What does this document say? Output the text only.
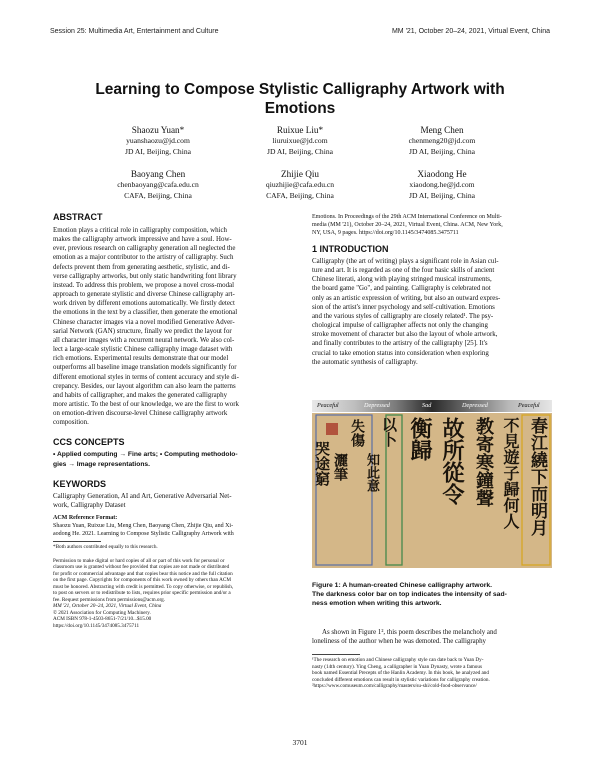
Session 25: Multimedia Art, Entertainment and Culture	MM '21, October 20–24, 2021, Virtual Event, China
Learning to Compose Stylistic Calligraphy Artwork with Emotions
Shaozu Yuan*
yuanshaozu@jd.com
JD AI, Beijing, China
Ruixue Liu*
liuruixue@jd.com
JD AI, Beijing, China
Meng Chen
chenmeng20@jd.com
JD AI, Beijing, China
Baoyang Chen
chenbaoyang@cafa.edu.cn
CAFA, Beijing, China
Zhijie Qiu
qiuzhijie@cafa.edu.cn
CAFA, Beijing, China
Xiaodong He
xiaodong.he@jd.com
JD AI, Beijing, China
ABSTRACT
Emotion plays a critical role in calligraphy composition, which
makes the calligraphy artwork impressive and have a soul. How-
ever, previous research on calligraphy generation all neglected the
emotion as a major contributor to the artistry of calligraphy. Such
defects prevent them from generating aesthetic, stylistic, and di-
verse calligraphy artworks, but only static handwriting font library
instead. To address this problem, we propose a novel cross-modal
approach to generate stylistic and diverse Chinese calligraphy art-
work driven by different emotions automatically. We firstly detect
the emotions in the text by a classifier, then generate the emotional
Chinese character images via a novel modified Generative Adver-
sarial Network (GAN) structure, finally we predict the layout for
all character images with a recurrent neural network. We also col-
lect a large-scale stylistic Chinese calligraphy image dataset with
rich emotions. Experimental results demonstrate that our model
outperforms all baseline image translation models significantly for
different emotional styles in terms of content accuracy and style di-
crepancy. Besides, our layout algorithm can also learn the patterns
and habits of calligrapher, and makes the generated calligraphy
more artistic. To the best of our knowledge, we are the first to work
on emotion-driven discourse-level Chinese calligraphy artwork
composition.
CCS CONCEPTS
• Applied computing → Fine arts; • Computing methodolo-
gies → Image representations.
KEYWORDS
Calligraphy Generation, AI and Art, Generative Adversarial Net-
work, Calligraphy Dataset
ACM Reference Format:
Shaozu Yuan, Ruixue Liu, Meng Chen, Baoyang Chen, Zhijie Qiu, and Xi-
aodong He. 2021. Learning to Compose Stylistic Calligraphy Artwork with
*Both authors contributed equally to this research.
Permission to make digital or hard copies of all or part of this work for personal or
classroom use is granted without fee provided that copies are not made or distributed
for profit or commercial advantage and that copies bear this notice and the full citation
on the first page. Copyrights for components of this work owned by others than ACM
must be honored. Abstracting with credit is permitted. To copy otherwise, or republish,
to post on servers or to redistribute to lists, requires prior specific permission and/or a
fee. Request permissions from permissions@acm.org.
MM '21, October 20–24, 2021, Virtual Event, China
© 2021 Association for Computing Machinery.
ACM ISBN 978-1-4503-8651-7/21/10...$15.00
https://doi.org/10.1145/3474085.3475711
Emotions. In Proceedings of the 29th ACM International Conference on Multi-
media (MM '21), October 20–24, 2021, Virtual Event, China. ACM, New York,
NY, USA, 9 pages. https://doi.org/10.1145/3474085.3475711
1 INTRODUCTION
Calligraphy (the art of writing) plays a significant role in Asian cul-
ture and art. It is regarded as one of the four basic skills of ancient
Chinese literati, along with playing stringed musical instruments,
the board game "Go", and painting. Calligraphy is celebrated not
only as an artistic expression of writing, but also an outward expres-
sion of the artist's inner psychology and self-cultivation. Emotions
and the various styles of calligraphy are closely related¹. The psy-
chological impulse of calligrapher affects not only the changing
stroke movement of character but also the layout of whole artwork,
and finally contributes to the artistry of the calligraphy [25]. It's
crucial to take emotion status into consideration when exploring
the automatic synthesis of calligraphy.
Peaceful	Depressed	Sad	Depressed	Peaceful
春江繞下而明月
不見遊子歸何人
教寄寒鐘聲
故所從令
衡歸
以卜
知此意
失傷
灑筆
哭途窮
Figure 1: A human-created Chinese calligraphy artwork.
The darkness color bar on top indicates the intensity of sad-
ness emotion when writing this artwork.
As shown in Figure 1², this poem describes the melancholy and
loneliness of the author when he was demoted. The calligraphy
¹The research on emotion and Chinese calligraphy style can date back to Yuan Dy-
nasty (14th century). Ying Cheng, a calligrapher in Yuan Dynasty, wrote a famous
book named Essential Precepts of the Hanlin Academy. In this book, he analyzed and
concluded different emotions can result in stylistic variations for calligraphy creation.
²https://www.comuseum.com/calligraphy/masters/su-shi/cold-food-observance/
3701
